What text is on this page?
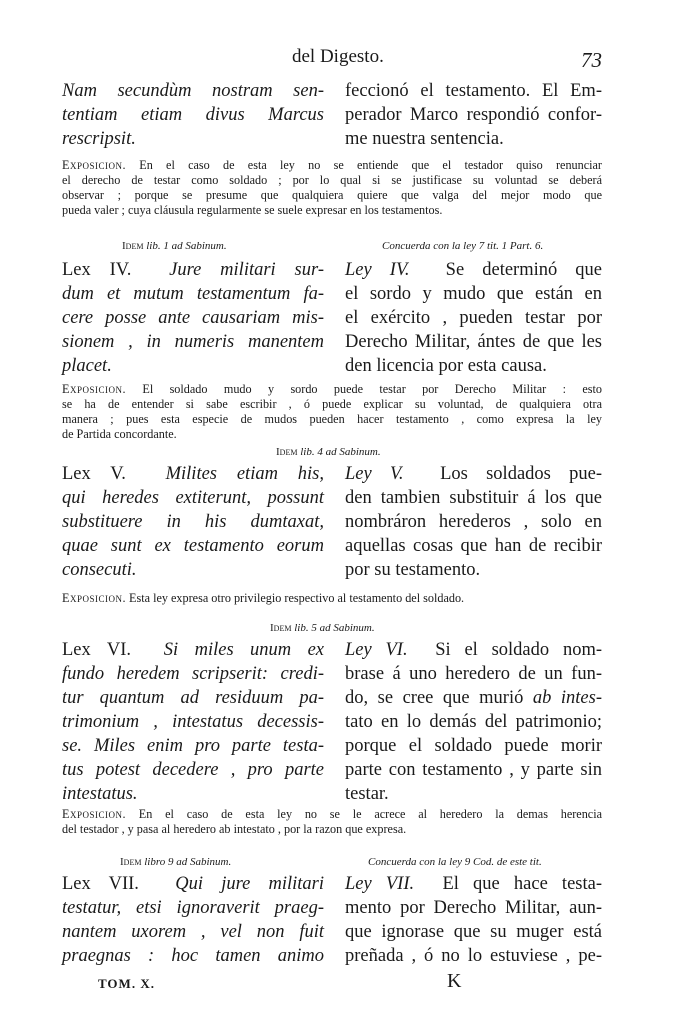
del Digesto.	73
Nam secundùm nostram sen-
tentiam etiam divus Marcus
rescripsit.
feccionó el testamento. El Em-
perador Marco respondió confor-
me nuestra sentencia.
Exposicion. En el caso de esta ley no se entiende que el testador quiso renunciar
el derecho de testar como soldado ; por lo qual si se justificase su voluntad se deberá
observar ; porque se presume que qualquiera quiere que valga del mejor modo que
pueda valer ; cuya cláusula regularmente se suele expresar en los testamentos.
Idem lib. 1 ad Sabinum.	Concuerda con la ley 7 tit. 1 Part. 6.
Lex IV. Jure militari sur-
dum et mutum testamentum fa-
cere posse ante causariam mis-
sionem , in numeris manentem
placet.
Ley IV. Se determinó que
el sordo y mudo que están en
el exército , pueden testar por
Derecho Militar, ántes de que les
den licencia por esta causa.
Exposicion. El soldado mudo y sordo puede testar por Derecho Militar : esto
se ha de entender si sabe escribir , ó puede explicar su voluntad, de qualquiera otra
manera ; pues esta especie de mudos pueden hacer testamento , como expresa la ley
de Partida concordante.
Idem lib. 4 ad Sabinum.
Lex V. Milites etiam his,
qui heredes extiterunt, possunt
substituere in his dumtaxat,
quae sunt ex testamento eorum
consecuti.
Ley V. Los soldados pue-
den tambien substituir á los que
nombráron herederos , solo en
aquellas cosas que han de recibir
por su testamento.
Exposicion. Esta ley expresa otro privilegio respectivo al testamento del soldado.
Idem lib. 5 ad Sabinum.
Lex VI. Si miles unum ex
fundo heredem scripserit: credi-
tur quantum ad residuum pa-
trimonium , intestatus decessis-
se. Miles enim pro parte testa-
tus potest decedere , pro parte
intestatus.
Ley VI. Si el soldado nom-
brase á uno heredero de un fun-
do, se cree que murió ab intes-
tato en lo demás del patrimonio;
porque el soldado puede morir
parte con testamento , y parte sin
testar.
Exposicion. En el caso de esta ley no se le acrece al heredero la demas herencia
del testador , y pasa al heredero ab intestato , por la razon que expresa.
Idem libro 9 ad Sabinum.	Concuerda con la ley 9 Cod. de este tit.
Lex VII. Qui jure militari
testatur, etsi ignoraverit praeg-
nantem uxorem , vel non fuit
praegnas : hoc tamen animo
Ley VII. El que hace testa-
mento por Derecho Militar, aun-
que ignorase que su muger está
preñada , ó no lo estuviese , pe-
TOM. X.	K
